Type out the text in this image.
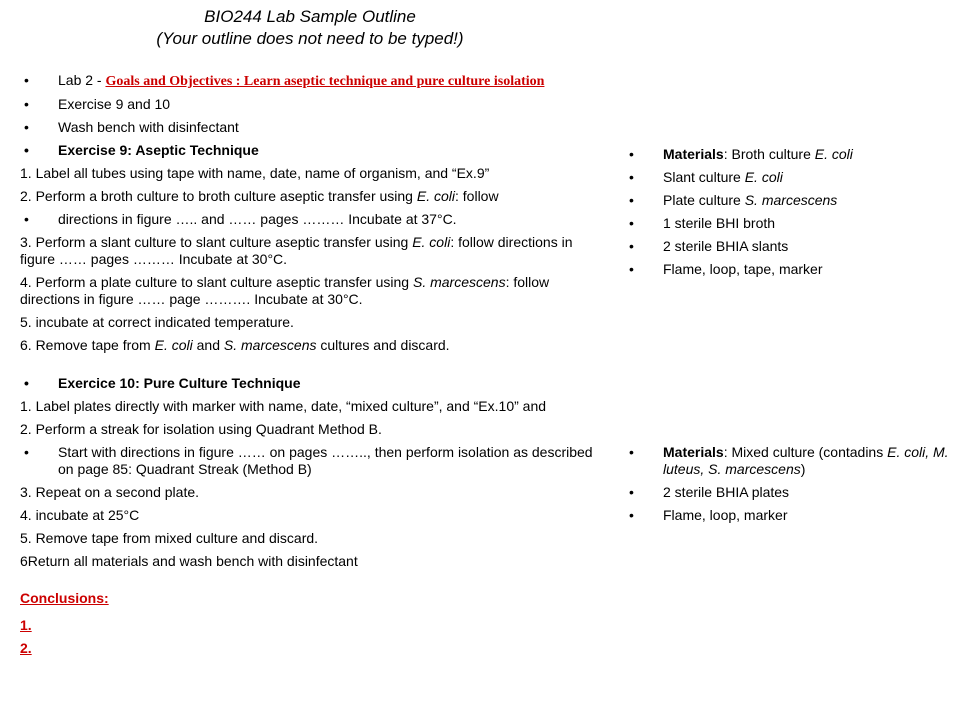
BIO244 Lab Sample Outline
(Your outline does not need to be typed!)
• Lab 2 - Goals and Objectives : Learn aseptic technique and pure culture isolation
• Exercise 9 and 10
• Wash bench with disinfectant
• Exercise 9: Aseptic Technique
1. Label all tubes using tape with name, date, name of organism, and “Ex.9”
2. Perform a broth culture to broth culture aseptic transfer using E. coli: follow
• directions in figure ….. and …… pages ……… Incubate at 37°C.
3. Perform a slant culture to slant culture aseptic transfer using E. coli: follow directions in figure …… pages ……… Incubate at 30°C.
4. Perform a plate culture to slant culture aseptic transfer using S. marcescens: follow directions in figure …… page ………. Incubate at 30°C.
5. incubate at correct indicated temperature.
6. Remove tape from E. coli and S. marcescens cultures and discard.
• Exercice 10: Pure Culture Technique
1. Label plates directly with marker with name, date, “mixed culture”, and “Ex.10” and
2. Perform a streak for isolation using Quadrant Method B.
• Start with directions in figure …… on pages …….., then perform isolation as described on page 85: Quadrant Streak (Method B)
3. Repeat on a second plate.
4. incubate at 25°C
5. Remove tape from mixed culture and discard.
6Return all materials and wash bench with disinfectant
Conclusions:
1.
2.
• Materials: Broth culture E. coli
• Slant culture E. coli
• Plate culture S. marcescens
• 1 sterile BHI broth
• 2 sterile BHIA slants
• Flame, loop, tape, marker
• Materials: Mixed culture (contadins E. coli, M. luteus, S. marcescens)
• 2 sterile BHIA plates
• Flame, loop, marker
